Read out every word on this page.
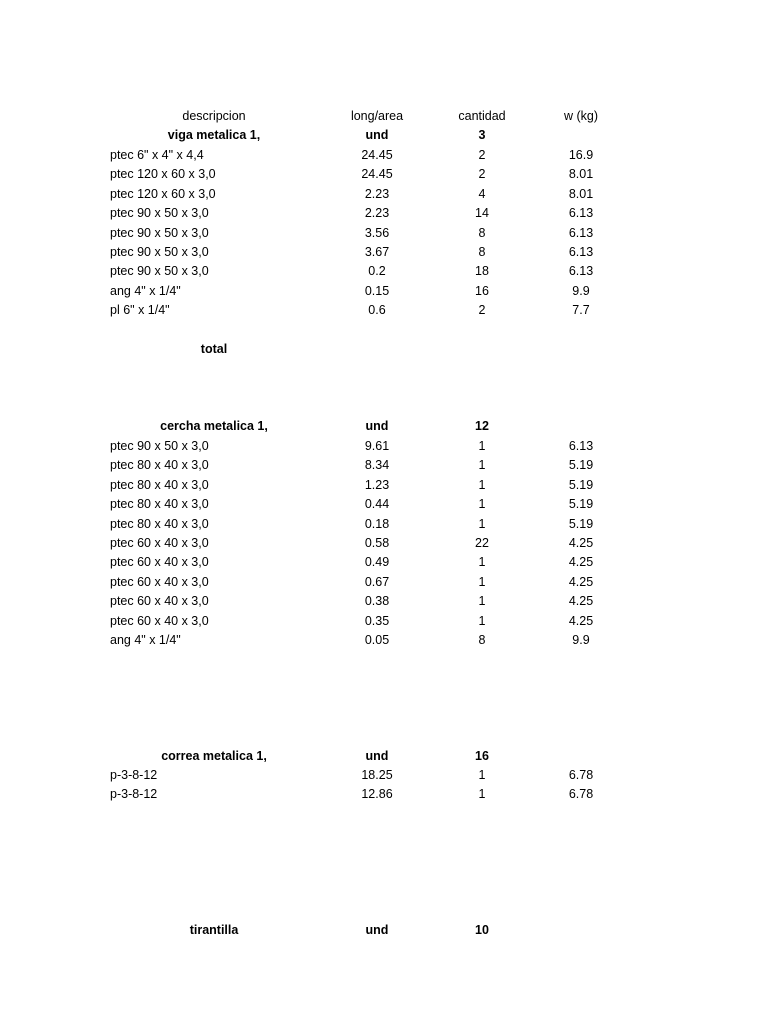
descripcion	long/area	cantidad	w (kg)
viga metalica 1,	und	3
ptec 6" x 4" x 4,4	24.45	2	16.9
ptec 120 x 60 x 3,0	24.45	2	8.01
ptec 120 x 60 x 3,0	2.23	4	8.01
ptec 90 x 50 x 3,0	2.23	14	6.13
ptec 90 x 50 x 3,0	3.56	8	6.13
ptec 90 x 50 x 3,0	3.67	8	6.13
ptec 90 x 50 x 3,0	0.2	18	6.13
ang 4" x 1/4"	0.15	16	9.9
pl 6" x 1/4"	0.6	2	7.7
total
cercha metalica 1,	und	12
ptec 90 x 50 x 3,0	9.61	1	6.13
ptec 80 x 40 x 3,0	8.34	1	5.19
ptec 80 x 40 x 3,0	1.23	1	5.19
ptec 80 x 40 x 3,0	0.44	1	5.19
ptec 80 x 40 x 3,0	0.18	1	5.19
ptec 60 x 40 x 3,0	0.58	22	4.25
ptec 60 x 40 x 3,0	0.49	1	4.25
ptec 60 x 40 x 3,0	0.67	1	4.25
ptec 60 x 40 x 3,0	0.38	1	4.25
ptec 60 x 40 x 3,0	0.35	1	4.25
ang 4" x 1/4"	0.05	8	9.9
correa metalica 1,	und	16
p-3-8-12	18.25	1	6.78
p-3-8-12	12.86	1	6.78
tirantilla	und	10
